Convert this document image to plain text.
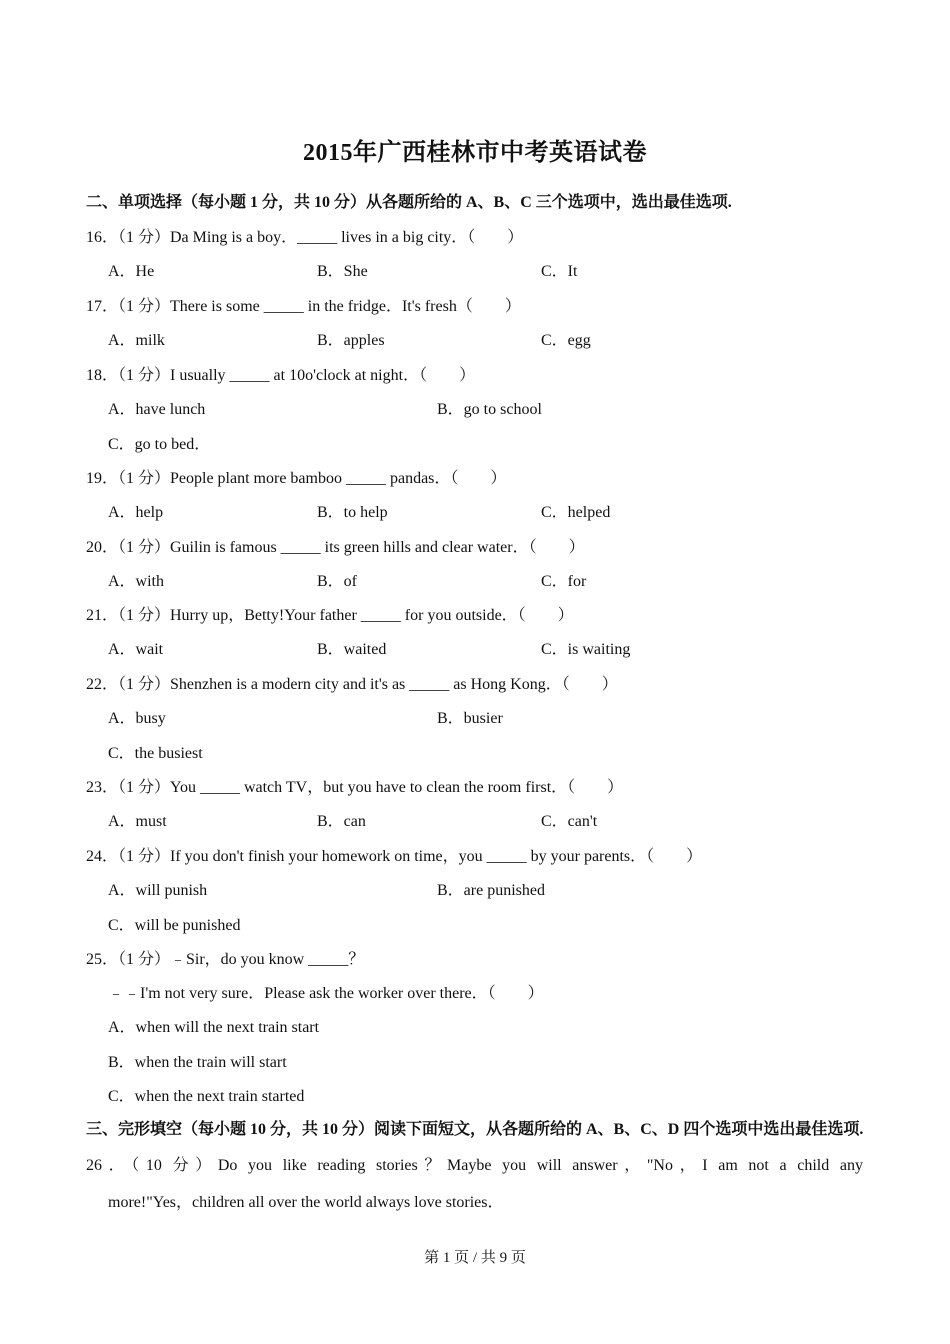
2015年广西桂林市中考英语试卷
二、单项选择（每小题 1 分，共 10 分）从各题所给的 A、B、C 三个选项中，选出最佳选项.
16．（1 分）Da Ming is a boy．_____ lives in a big city．（　　）
A．He	B．She	C．It
17．（1 分）There is some _____ in the fridge．It's fresh（　　）
A．milk	B．apples	C．egg
18．（1 分）I usually _____ at 10o'clock at night．（　　）
A．have lunch	B．go to school
C．go to bed．
19．（1 分）People plant more bamboo _____ pandas．（　　）
A．help	B．to help	C．helped
20．（1 分）Guilin is famous _____ its green hills and clear water．（　　）
A．with	B．of	C．for
21．（1 分）Hurry up，Betty!Your father _____ for you outside．（　　）
A．wait	B．waited	C．is waiting
22．（1 分）Shenzhen is a modern city and it's as _____ as Hong Kong．（　　）
A．busy	B．busier
C．the busiest
23．（1 分）You _____ watch TV，but you have to clean the room first．（　　）
A．must	B．can	C．can't
24．（1 分）If you don't finish your homework on time，you _____ by your parents．（　　）
A．will punish	B．are punished
C．will be punished
25．（1 分）﹣Sir，do you know _____？
﹣﹣I'm not very sure．Please ask the worker over there．（　　）
A．when will the next train start
B．when the train will start
C．when the next train started
三、完形填空（每小题 10 分，共 10 分）阅读下面短文，从各题所给的 A、B、C、D 四个选项中选出最佳选项.
26．（10 分）Do you like reading stories？Maybe you will answer，"No，I am not a child any
more!"Yes，children all over the world always love stories．
第 1 页 / 共 9 页
